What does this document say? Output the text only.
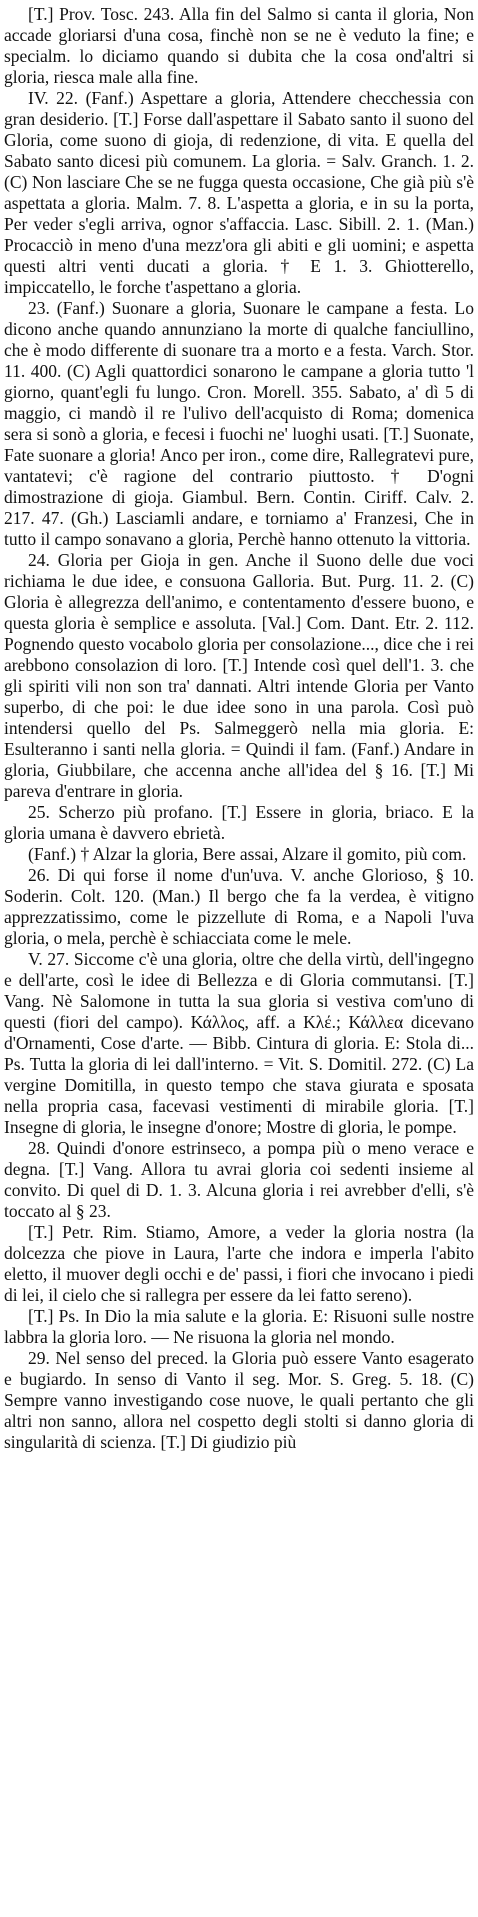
[T.] Prov. Tosc. 243. Alla fin del Salmo si canta il gloria, Non accade gloriarsi d'una cosa, finchè non se ne è veduto la fine; e specialm. lo diciamo quando si dubita che la cosa ond'altri si gloria, riesca male alla fine.

IV. 22. (Fanf.) Aspettare a gloria, Attendere checchessia con gran desiderio. [T.] Forse dall'aspettare il Sabato santo il suono del Gloria, come suono di gioja, di redenzione, di vita. E quella del Sabato santo dicesi più comunem. La gloria. = Salv. Granch. 1. 2. (C) Non lasciare Che se ne fugga questa occasione, Che già più s'è aspettata a gloria. Malm. 7. 8. L'aspetta a gloria, e in su la porta, Per veder s'egli arriva, ognor s'affaccia. Lasc. Sibill. 2. 1. (Man.) Procacciò in meno d'una mezz'ora gli abiti e gli uomini; e aspetta questi altri venti ducati a gloria. † E 1. 3. Ghiotterello, impiccatello, le forche t'aspettano a gloria.

23. (Fanf.) Suonare a gloria, Suonare le campane a festa. Lo dicono anche quando annunziano la morte di qualche fanciullino, che è modo differente di suonare tra a morto e a festa. Varch. Stor. 11. 400. (C) Agli quattordici sonarono le campane a gloria tutto 'l giorno, quant'egli fu lungo. Cron. Morell. 355. Sabato, a' dì 5 di maggio, ci mandò il re l'ulivo dell'acquisto di Roma; domenica sera si sonò a gloria, e fecesi i fuochi ne' luoghi usati. [T.] Suonate, Fate suonare a gloria! Anco per iron., come dire, Rallegratevi pure, vantatevi; c'è ragione del contrario piuttosto. † D'ogni dimostrazione di gioja. Giambul. Bern. Contin. Ciriff. Calv. 2. 217. 47. (Gh.) Lasciamli andare, e torniamo a' Franzesi, Che in tutto il campo sonavano a gloria, Perchè hanno ottenuto la vittoria.

24. Gloria per Gioja in gen. Anche il Suono delle due voci richiama le due idee, e consuona Galloria. But. Purg. 11. 2. (C) Gloria è allegrezza dell'animo, e contentamento d'essere buono, e questa gloria è semplice e assoluta. [Val.] Com. Dant. Etr. 2. 112. Pognendo questo vocabolo gloria per consolazione..., dice che i rei arebbono consolazion di loro. [T.] Intende così quel dell'1. 3. che gli spiriti vili non son tra' dannati. Altri intende Gloria per Vanto superbo, di che poi: le due idee sono in una parola. Così può intendersi quello del Ps. Salmeggerò nella mia gloria. E: Esulteranno i santi nella gloria. = Quindi il fam. (Fanf.) Andare in gloria, Giubbilare, che accenna anche all'idea del § 16. [T.] Mi pareva d'entrare in gloria.

25. Scherzo più profano. [T.] Essere in gloria, briaco. E la gloria umana è davvero ebrietà.

(Fanf.) † Alzar la gloria, Bere assai, Alzare il gomito, più com.

26. Di qui forse il nome d'un'uva. V. anche Glorioso, § 10. Soderin. Colt. 120. (Man.) Il bergo che fa la verdea, è vitigno apprezzatissimo, come le pizzellute di Roma, e a Napoli l'uva gloria, o mela, perchè è schiacciata come le mele.

V. 27. Siccome c'è una gloria, oltre che della virtù, dell'ingegno e dell'arte, così le idee di Bellezza e di Gloria commutansi. [T.] Vang. Nè Salomone in tutta la sua gloria si vestiva com'uno di questi (fiori del campo). Κάλλος, aff. a Κλέ.; Κάλλεα dicevano d'Ornamenti, Cose d'arte. — Bibb. Cintura di gloria. E: Stola di... Ps. Tutta la gloria di lei dall'interno. = Vit. S. Domitil. 272. (C) La vergine Domitilla, in questo tempo che stava giurata e sposata nella propria casa, facevasi vestimenti di mirabile gloria. [T.] Insegne di gloria, le insegne d'onore; Mostre di gloria, le pompe.

28. Quindi d'onore estrinseco, a pompa più o meno verace e degna. [T.] Vang. Allora tu avrai gloria coi sedenti insieme al convito. Di quel di D. 1. 3. Alcuna gloria i rei avrebber d'elli, s'è toccato al § 23.

[T.] Petr. Rim. Stiamo, Amore, a veder la gloria nostra (la dolcezza che piove in Laura, l'arte che indora e imperla l'abito eletto, il muover degli occhi e de' passi, i fiori che invocano i piedi di lei, il cielo che si rallegra per essere da lei fatto sereno).

[T.] Ps. In Dio la mia salute e la gloria. E: Risuoni sulle nostre labbra la gloria loro. — Ne risuona la gloria nel mondo.

29. Nel senso del preced. la Gloria può essere Vanto esagerato e bugiardo. In senso di Vanto il seg. Mor. S. Greg. 5. 18. (C) Sempre vanno investigando cose nuove, le quali pertanto che gli altri non sanno, allora nel cospetto degli stolti si danno gloria di singularità di scienza. [T.] Di giudizio più
